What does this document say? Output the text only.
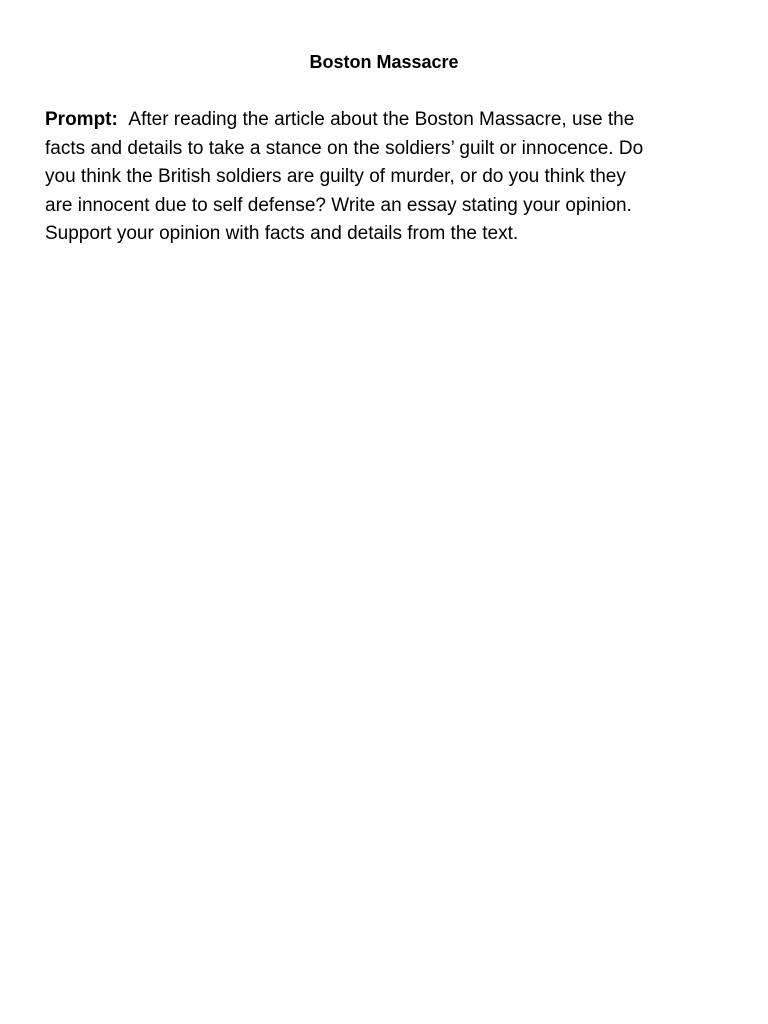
Boston Massacre

Prompt: After reading the article about the Boston Massacre, use the
facts and details to take a stance on the soldiers’ guilt or innocence. Do
you think the British soldiers are guilty of murder, or do you think they
are innocent due to self defense? Write an essay stating your opinion.
Support your opinion with facts and details from the text.
